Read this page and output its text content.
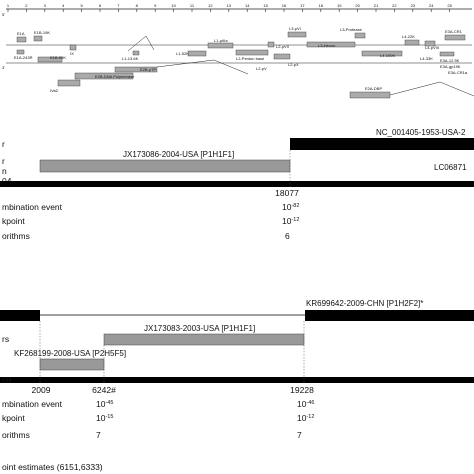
1	2	3	4	5	6	7	8	9	10	11	12	13	14	15	16	17	18	19	20	21	22	23	24	25
5'
3'
E1A
E1A-243R
E1B-19K
E1B-55K
IX
L1-13.6K
L1-52K
L1-pIIIa
L2-Penton base
L2-pVII
L2-pV
L2-pX
L3-pVI
L3-Hexon
L3-Protease
L4-100K
L4-22K
L4-33K
L4-pVIII
E3A-CR1
E3A-12.5K
E3A-gp19K
E3A-CR1a
IVa2
E2B-DNA Polymerase
E2B-pTP
E2A-DBP
r
r
n
NC_001405-1953-USA-2
JX173086-2004-USA [P1H1F1]
LC06871
18077
mbination event	$10^{-82}$
kpoint	$10^{-12}$
orithms	6
KR699642-2009-CHN [P1H2F2]*
JX173083-2003-USA [P1H1F1]
rs
KF268199-2008-USA [P2H5F5]
09
2009	6242#	19228
mbination event	$10^{-45}$	$10^{-46}$
kpoint	$10^{-15}$	$10^{-12}$
orithms	7	7
oint estimates (6151,6333)
